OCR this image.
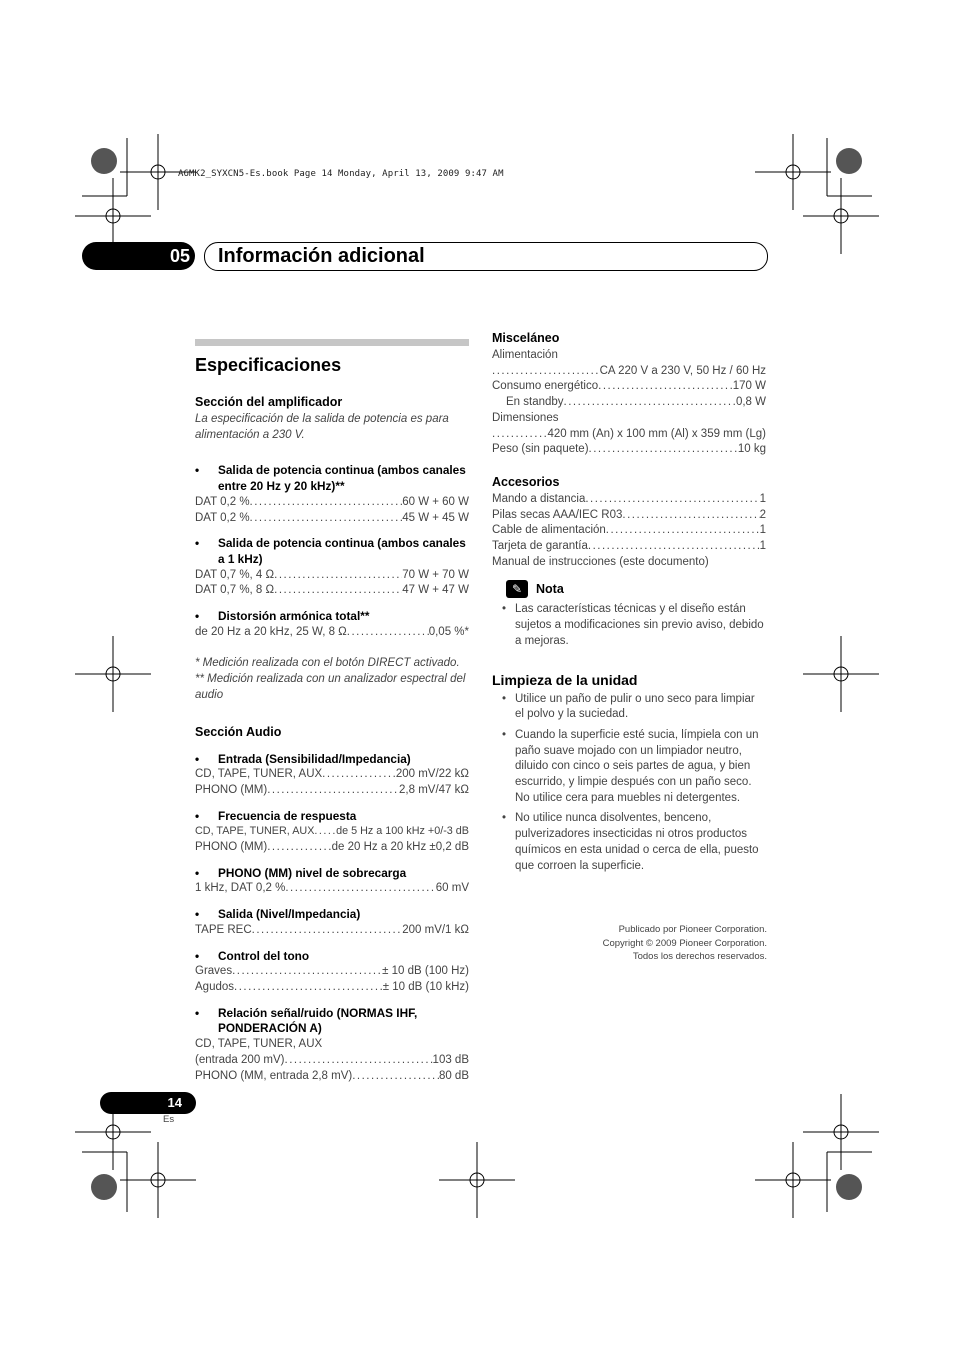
A6MK2_SYXCN5-Es.book Page 14 Monday, April 13, 2009 9:47 AM
05 Información adicional
Especificaciones
Sección del amplificador
La especificación de la salida de potencia es para alimentación a 230 V.
• Salida de potencia continua (ambos canales entre 20 Hz y 20 kHz)**
DAT 0,2 % .....	60 W + 60 W
DAT 0,2 % .....	45 W + 45 W
• Salida de potencia continua (ambos canales a 1 kHz)
DAT 0,7 %, 4 Ω .....	70 W + 70 W
DAT 0,7 %, 8 Ω .....	47 W + 47 W
• Distorsión armónica total**
de 20 Hz a 20 kHz, 25 W, 8 Ω .....	0,05 %*
* Medición realizada con el botón DIRECT activado.
** Medición realizada con un analizador espectral del audio
Sección Audio
• Entrada (Sensibilidad/Impedancia)
CD, TAPE, TUNER, AUX .....	200 mV/22 kΩ
PHONO (MM) .....	2,8 mV/47 kΩ
• Frecuencia de respuesta
CD, TAPE, TUNER, AUX ..... de 5 Hz a 100 kHz +0/-3 dB
PHONO (MM) .....	de 20 Hz a 20 kHz ±0,2 dB
• PHONO (MM) nivel de sobrecarga
1 kHz, DAT 0,2 % .....	60 mV
• Salida (Nivel/Impedancia)
TAPE REC .....	200 mV/1 kΩ
• Control del tono
Graves .....	± 10 dB (100 Hz)
Agudos .....	± 10 dB (10 kHz)
• Relación señal/ruido (NORMAS IHF, PONDERACIÓN A)
CD, TAPE, TUNER, AUX
(entrada 200 mV) .....	103 dB
PHONO (MM, entrada 2,8 mV) .....	80 dB
Misceláneo
Alimentación
.....
CA 220 V a 230 V, 50 Hz / 60 Hz
Consumo energético .....	170 W
En standby .....	0,8 W
Dimensiones
.....
420 mm (An) x 100 mm (Al) x 359 mm (Lg)
Peso (sin paquete) .....	10 kg
Accesorios
Mando a distancia .....	1
Pilas secas AAA/IEC R03 .....	2
Cable de alimentación .....	1
Tarjeta de garantía .....	1
Manual de instrucciones (este documento)
✎	Nota
• Las características técnicas y el diseño están sujetos a modificaciones sin previo aviso, debido a mejoras.
Limpieza de la unidad
• Utilice un paño de pulir o uno seco para limpiar el polvo y la suciedad.
• Cuando la superficie esté sucia, límpiela con un paño suave mojado con un limpiador neutro, diluido con cinco o seis partes de agua, y bien escurrido, y limpie después con un paño seco. No utilice cera para muebles ni detergentes.
• No utilice nunca disolventes, benceno, pulverizadores insecticidas ni otros productos químicos en esta unidad o cerca de ella, puesto que corroen la superficie.
Publicado por Pioneer Corporation.
Copyright © 2009 Pioneer Corporation.
Todos los derechos reservados.
14
Es
